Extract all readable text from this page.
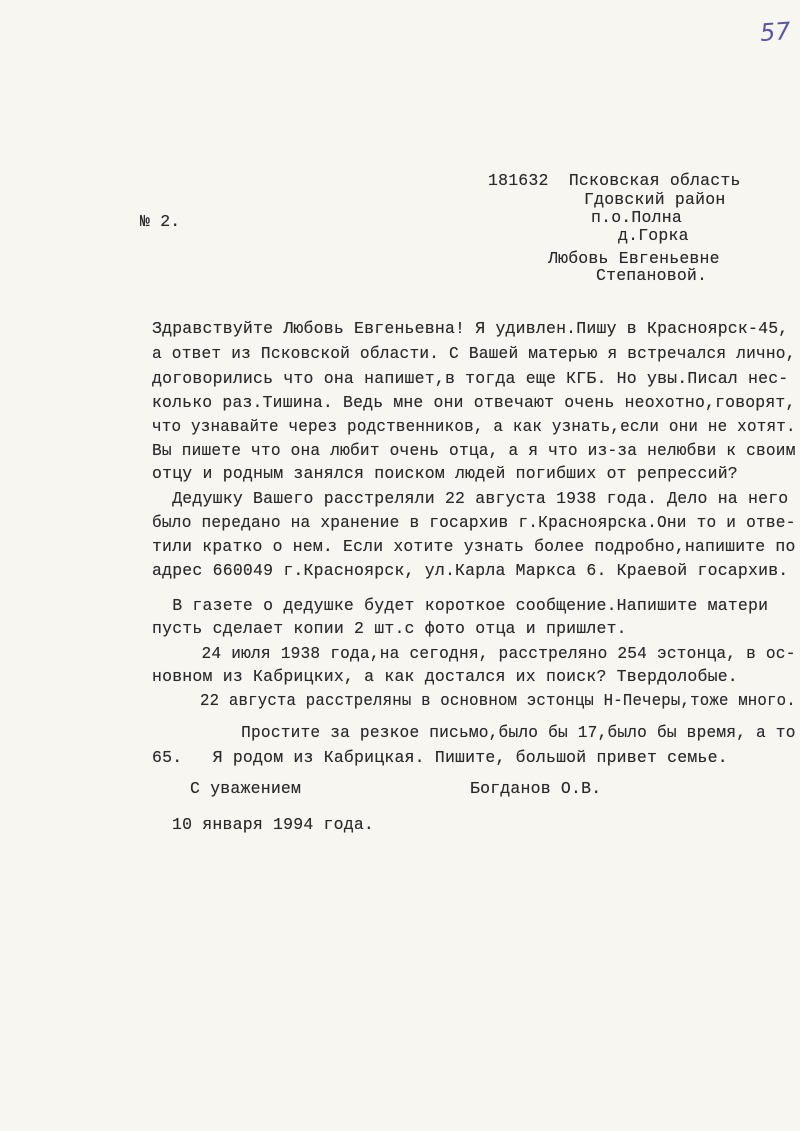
57
№ 2.
181632  Псковская область
Гдовский район
п.о.Полна
д.Горка
Любовь Евгеньевне
Степановой.
Здравствуйте Любовь Евгеньевна! Я удивлен.Пишу в Красноярск-45,
а ответ из Псковской области. С Вашей матерью я встречался лично,
договорились что она напишет,в тогда еще КГБ. Но увы.Писал нес-
колько раз.Тишина. Ведь мне они отвечают очень неохотно,говорят,
что узнавайте через родственников, а как узнать,если они не хотят.
Вы пишете что она любит очень отца, а я что из-за нелюбви к своим
отцу и родным занялся поиском людей погибших от репрессий?
Дедушку Вашего расстреляли 22 августа 1938 года. Дело на него
было передано на хранение в госархив г.Красноярска.Они то и отве-
тили кратко о нем. Если хотите узнать более подробно,напишите по
адрес 660049 г.Красноярск, ул.Карла Маркса 6. Краевой госархив.
В газете о дедушке будет короткое сообщение.Напишите матери
пусть сделает копии 2 шт.с фото отца и пришлет.
24 июля 1938 года,на сегодня, расстреляно 254 эстонца, в ос-
новном из Кабрицких, а как достался их поиск? Твердолобые.
22 августа расстреляны в основном эстонцы Н-Печеры,тоже много.
Простите за резкое письмо,было бы 17,было бы время, а то
65.   Я родом из Кабрицкая. Пишите, большой привет семье.
С уважением	Богданов О.В.
10 января 1994 года.
